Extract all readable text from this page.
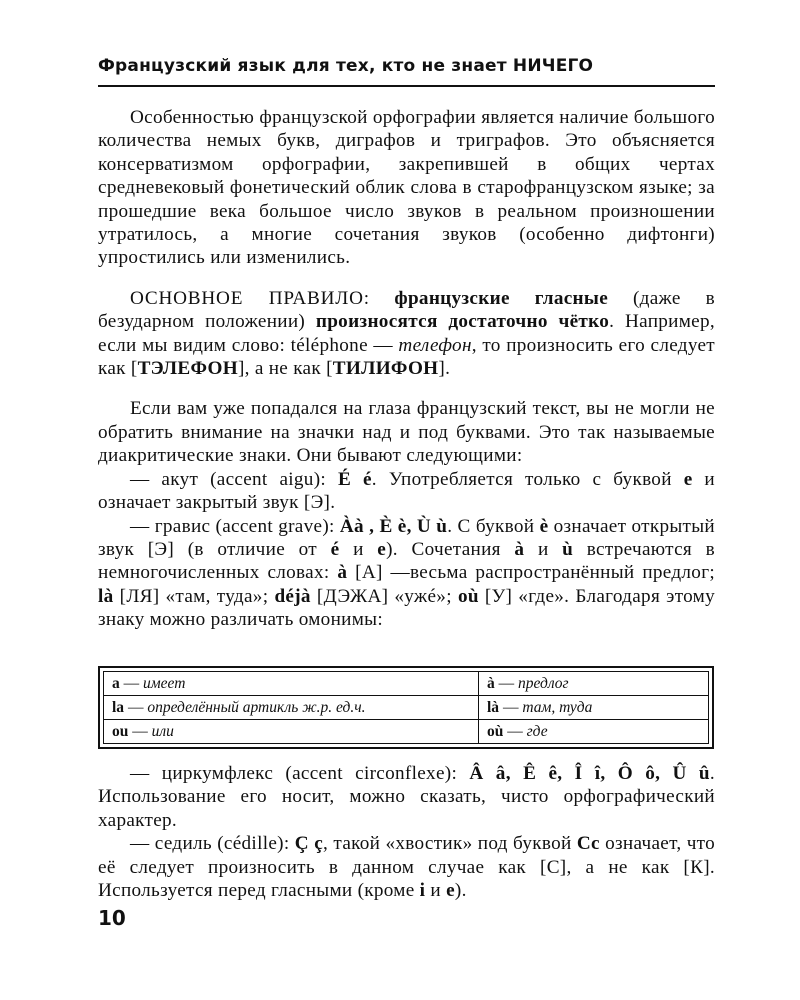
Французский язык для тех, кто не знает НИЧЕГО

Особенностью французской орфографии является наличие большого количества немых букв, диграфов и триграфов. Это объясняется консерватизмом орфографии, закрепившей в общих чертах средневековый фонетический облик слова в старофранцузском языке; за прошедшие века большое число звуков в реальном произношении утратилось, а многие сочетания звуков (особенно дифтонги) упростились или изменились.

ОСНОВНОЕ ПРАВИЛО: французские гласные (даже в безударном положении) произносятся достаточно чётко. Например, если мы видим слово: téléphone — телефон, то произносить его следует как [ТЭЛЕФОН], а не как [ТИЛИФОН].

Если вам уже попадался на глаза французский текст, вы не могли не обратить внимание на значки над и под буквами. Это так называемые диакритические знаки. Они бывают следующими:

— акут (accent aigu): É é. Употребляется только с буквой e и означает закрытый звук [Э].

— гравис (accent grave): Àà , È è, Ù ù. С буквой è означает открытый звук [Э] (в отличие от é и e). Сочетания à и ù встречаются в немногочисленных словах: à [А] —весьма распространённый предлог; là [ЛЯ] «там, туда»; déjà [ДЭЖА] «ужé»; où [У] «где». Благодаря этому знаку можно различать омонимы:

a — имеет	à — предлог
la — определённый артикль ж.р. ед.ч.	là — там, туда
ou — или	où — где

— циркумфлекс (accent circonflexe): Â â, Ê ê, Î î, Ô ô, Û û. Использование его носит, можно сказать, чисто орфографический характер.

— седиль (cédille): Ç ç, такой «хвостик» под буквой Cc означает, что её следует произносить в данном случае как [С], а не как [К]. Используется перед гласными (кроме i и e).

10
